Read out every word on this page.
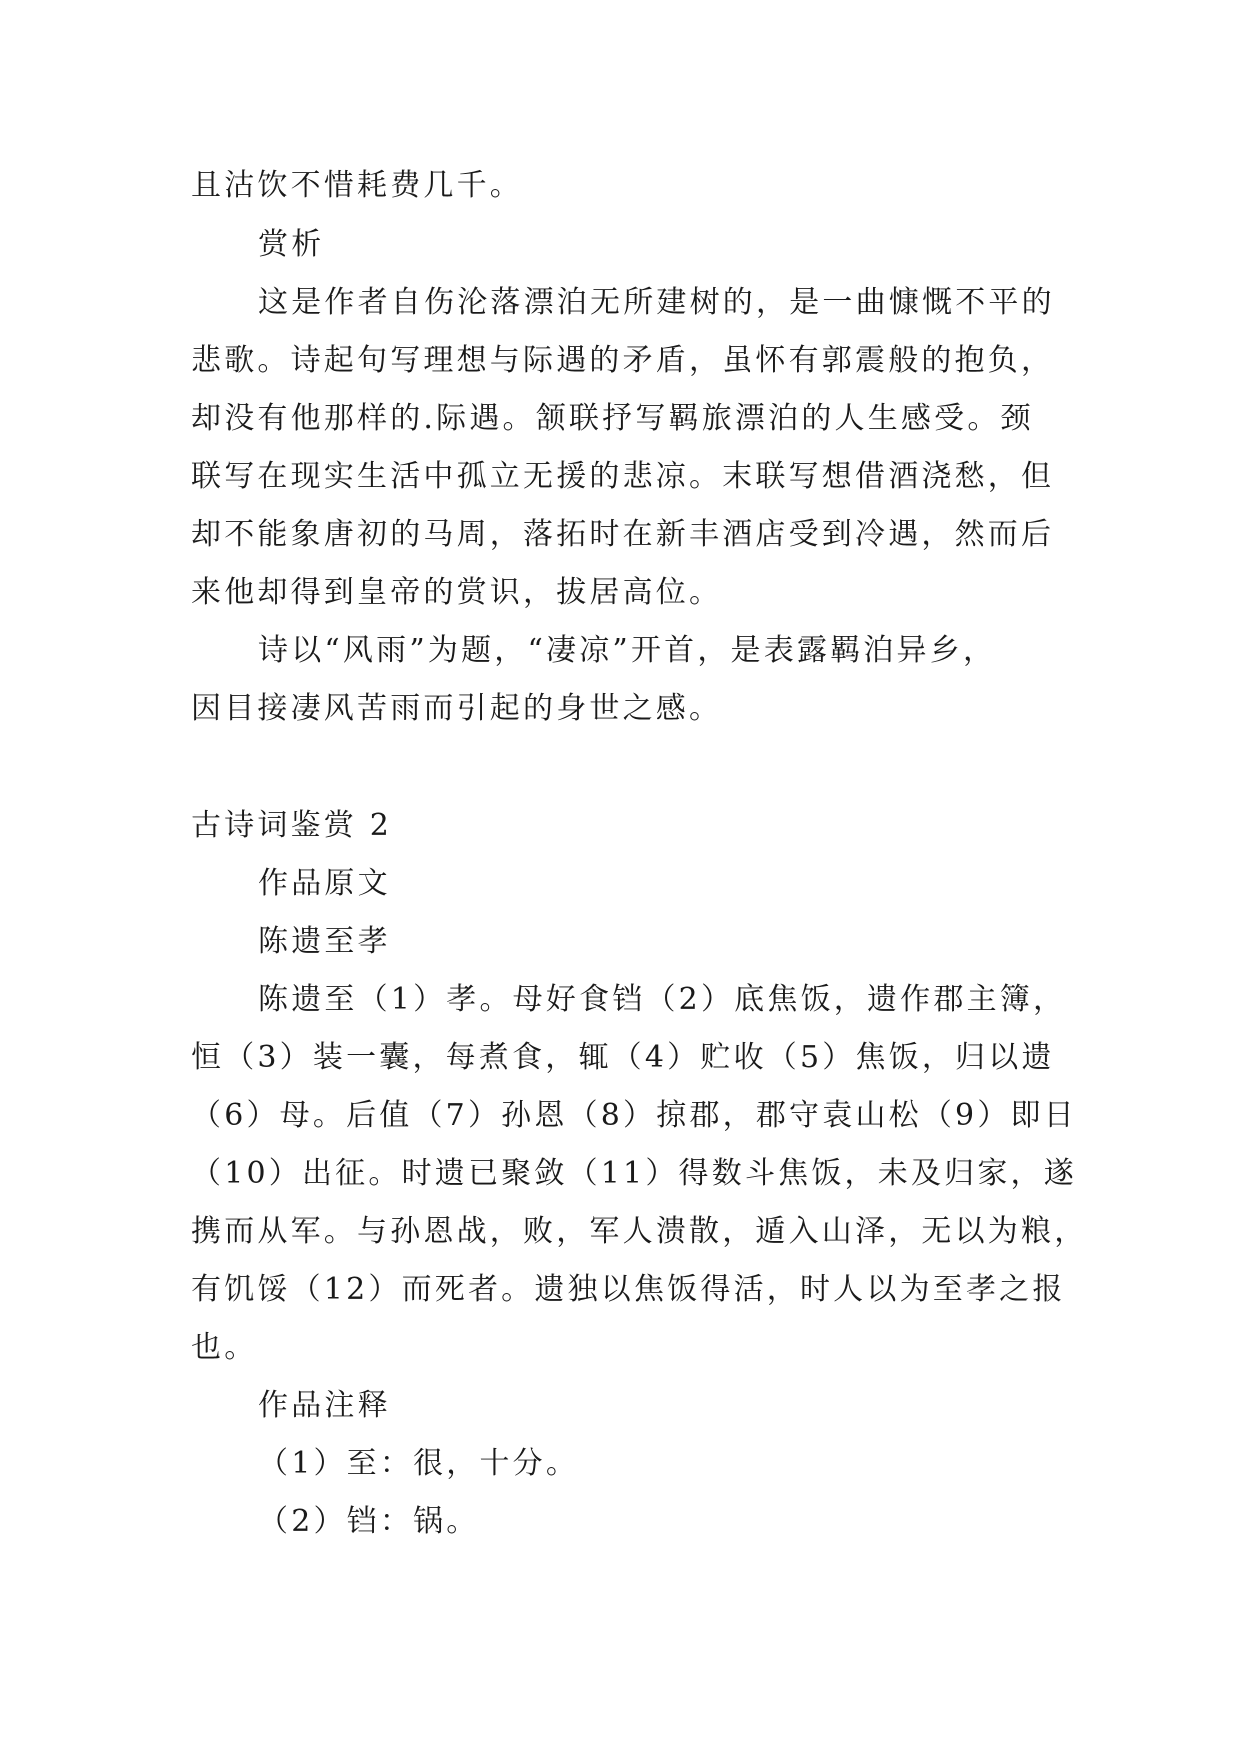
且沽饮不惜耗费几千。
赏析
这是作者自伤沦落漂泊无所建树的，是一曲慷慨不平的
悲歌。诗起句写理想与际遇的矛盾，虽怀有郭震般的抱负，
却没有他那样的.际遇。颔联抒写羁旅漂泊的人生感受。颈
联写在现实生活中孤立无援的悲凉。末联写想借酒浇愁，但
却不能象唐初的马周，落拓时在新丰酒店受到冷遇，然而后
来他却得到皇帝的赏识，拔居高位。
诗以“风雨”为题，“凄凉”开首，是表露羁泊异乡，
因目接凄风苦雨而引起的身世之感。
古诗词鉴赏 2
作品原文
陈遗至孝
陈遗至（1）孝。母好食铛（2）底焦饭，遗作郡主簿，
恒（3）装一囊，每煮食，辄（4）贮收（5）焦饭，归以遗
（6）母。后值（7）孙恩（8）掠郡，郡守袁山松（9）即日
（10）出征。时遗已聚敛（11）得数斗焦饭，未及归家，遂
携而从军。与孙恩战，败，军人溃散，遁入山泽，无以为粮，
有饥馁（12）而死者。遗独以焦饭得活，时人以为至孝之报
也。
作品注释
（1）至：很，十分。
（2）铛：锅。
